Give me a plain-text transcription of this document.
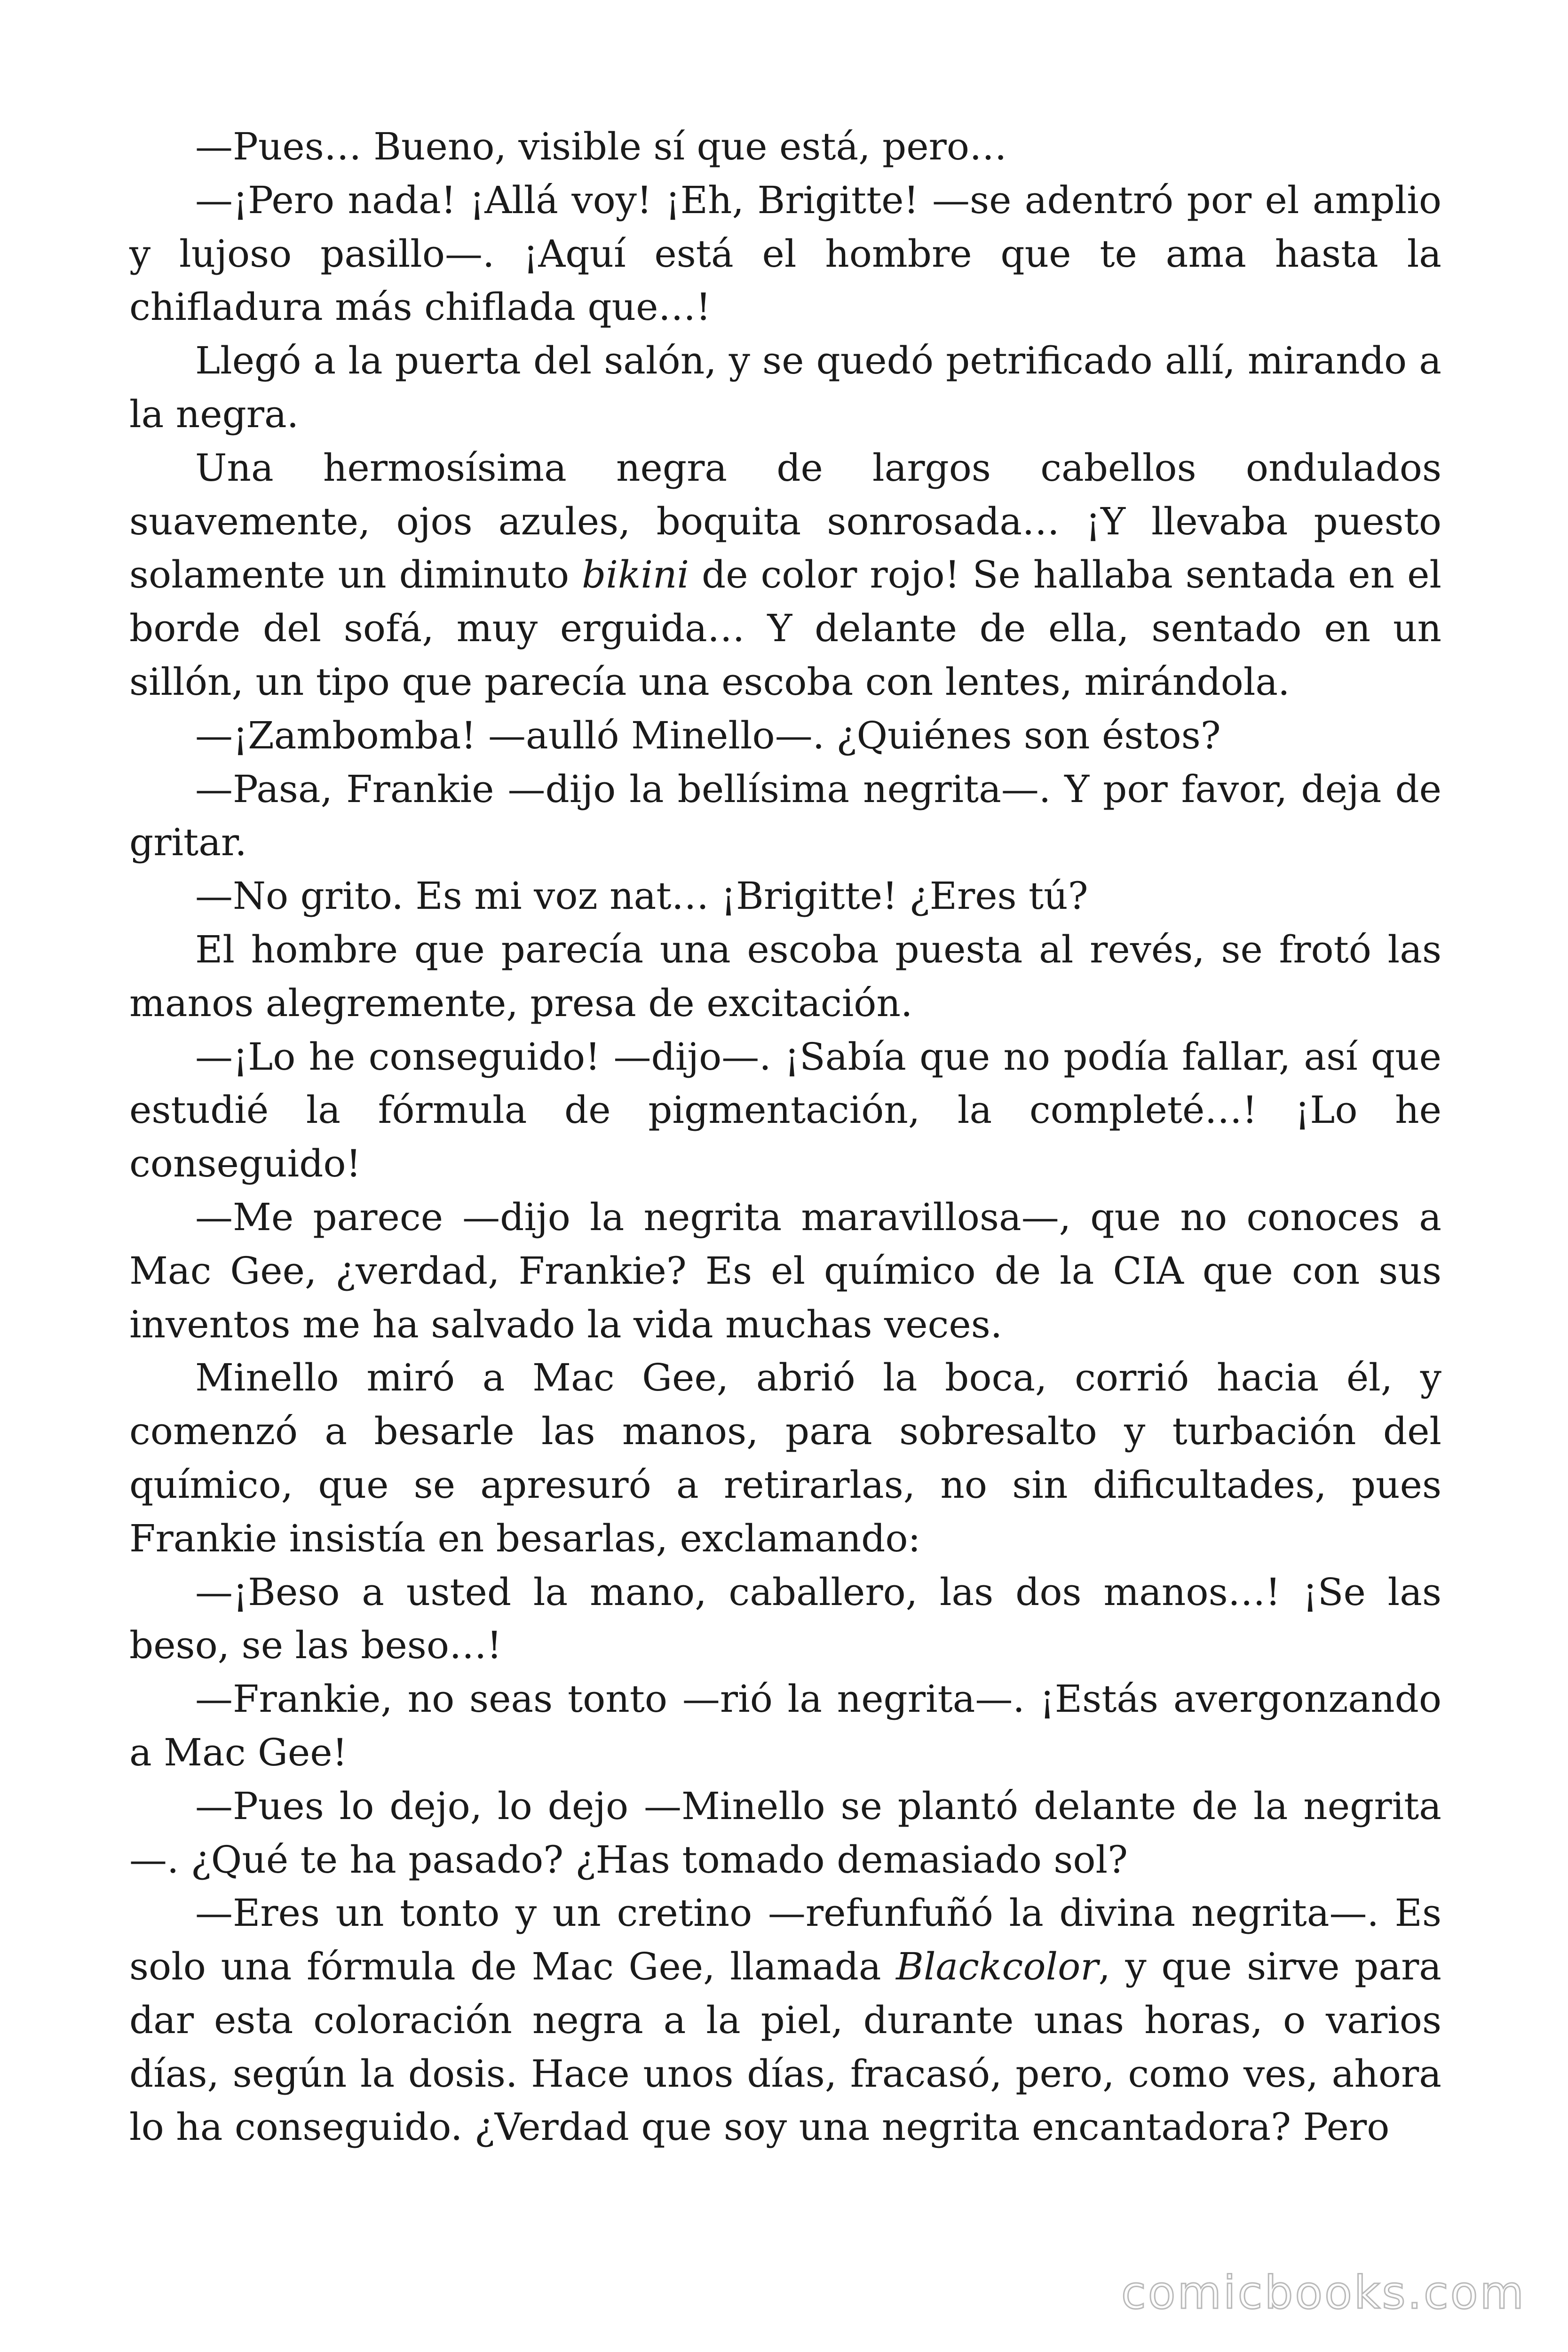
—Pues… Bueno, visible sí que está, pero…

—¡Pero nada! ¡Allá voy! ¡Eh, Brigitte! —se adentró por el amplio y lujoso pasillo—. ¡Aquí está el hombre que te ama hasta la chifladura más chiflada que…!

Llegó a la puerta del salón, y se quedó petrificado allí, mirando a la negra.

Una hermosísima negra de largos cabellos ondulados suavemente, ojos azules, boquita sonrosada… ¡Y llevaba puesto solamente un diminuto bikini de color rojo! Se hallaba sentada en el borde del sofá, muy erguida… Y delante de ella, sentado en un sillón, un tipo que parecía una escoba con lentes, mirándola.

—¡Zambomba! —aulló Minello—. ¿Quiénes son éstos?

—Pasa, Frankie —dijo la bellísima negrita—. Y por favor, deja de gritar.

—No grito. Es mi voz nat… ¡Brigitte! ¿Eres tú?

El hombre que parecía una escoba puesta al revés, se frotó las manos alegremente, presa de excitación.

—¡Lo he conseguido! —dijo—. ¡Sabía que no podía fallar, así que estudié la fórmula de pigmentación, la completé…! ¡Lo he conseguido!

—Me parece —dijo la negrita maravillosa—, que no conoces a Mac Gee, ¿verdad, Frankie? Es el químico de la CIA que con sus inventos me ha salvado la vida muchas veces.

Minello miró a Mac Gee, abrió la boca, corrió hacia él, y comenzó a besarle las manos, para sobresalto y turbación del químico, que se apresuró a retirarlas, no sin dificultades, pues Frankie insistía en besarlas, exclamando:

—¡Beso a usted la mano, caballero, las dos manos…! ¡Se las beso, se las beso…!

—Frankie, no seas tonto —rió la negrita—. ¡Estás avergonzando a Mac Gee!

—Pues lo dejo, lo dejo —Minello se plantó delante de la negrita —. ¿Qué te ha pasado? ¿Has tomado demasiado sol?

—Eres un tonto y un cretino —refunfuñó la divina negrita—. Es solo una fórmula de Mac Gee, llamada Blackcolor, y que sirve para dar esta coloración negra a la piel, durante unas horas, o varios días, según la dosis. Hace unos días, fracasó, pero, como ves, ahora lo ha conseguido. ¿Verdad que soy una negrita encantadora? Pero

comicbooks.com
